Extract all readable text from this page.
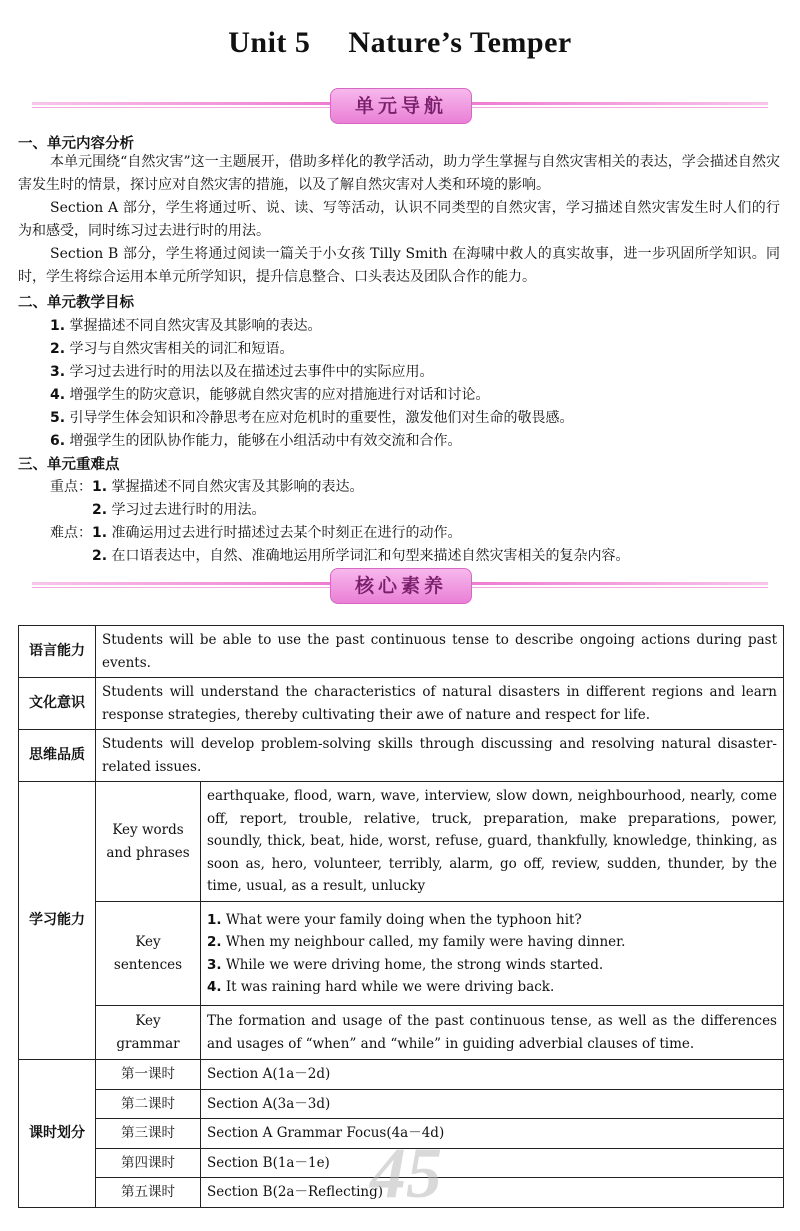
Unit 5 Nature’s Temper
单元导航
一、单元内容分析
本单元围绕“自然灾害”这一主题展开，借助多样化的教学活动，助力学生掌握与自然灾害相关的表达，学会描述自然灾害发生时的情景，探讨应对自然灾害的措施，以及了解自然灾害对人类和环境的影响。
Section A 部分，学生将通过听、说、读、写等活动，认识不同类型的自然灾害，学习描述自然灾害发生时人们的行为和感受，同时练习过去进行时的用法。
Section B 部分，学生将通过阅读一篇关于小女孩 Tilly Smith 在海啸中救人的真实故事，进一步巩固所学知识。同时，学生将综合运用本单元所学知识，提升信息整合、口头表达及团队合作的能力。
二、单元教学目标
1. 掌握描述不同自然灾害及其影响的表达。
2. 学习与自然灾害相关的词汇和短语。
3. 学习过去进行时的用法以及在描述过去事件中的实际应用。
4. 增强学生的防灾意识，能够就自然灾害的应对措施进行对话和讨论。
5. 引导学生体会知识和冷静思考在应对危机时的重要性，激发他们对生命的敬畏感。
6. 增强学生的团队协作能力，能够在小组活动中有效交流和合作。
三、单元重难点
重点：1. 掌握描述不同自然灾害及其影响的表达。
2. 学习过去进行时的用法。
难点：1. 准确运用过去进行时描述过去某个时刻正在进行的动作。
2. 在口语表达中，自然、准确地运用所学词汇和句型来描述自然灾害相关的复杂内容。
核心素养
语言能力	Students will be able to use the past continuous tense to describe ongoing actions during past events.	
文化意识	Students will understand the characteristics of natural disasters in different regions and learn response strategies, thereby cultivating their awe of nature and respect for life.	
思维品质	Students will develop problem-solving skills through discussing and resolving natural disaster-related issues.	
学习能力	Key words and phrases	earthquake, flood, warn, wave, interview, slow down, neighbourhood, nearly, come off, report, trouble, relative, truck, preparation, make preparations, power, soundly, thick, beat, hide, worst, refuse, guard, thankfully, knowledge, thinking, as soon as, hero, volunteer, terribly, alarm, go off, review, sudden, thunder, by the time, usual, as a result, unlucky
	Key sentences	1. What were your family doing when the typhoon hit?
2. When my neighbour called, my family were having dinner.
3. While we were driving home, the strong winds started.
4. It was raining hard while we were driving back.

	Key grammar	The formation and usage of the past continuous tense, as well as the differences and usages of “when” and “while” in guiding adverbial clauses of time.
课时划分	第一课时	Section A(1a－2d)
	第二课时	Section A(3a－3d)
	第三课时	Section A Grammar Focus(4a－4d)
	第四课时	Section B(1a－1e)
	第五课时	Section B(2a－Reflecting)
45
